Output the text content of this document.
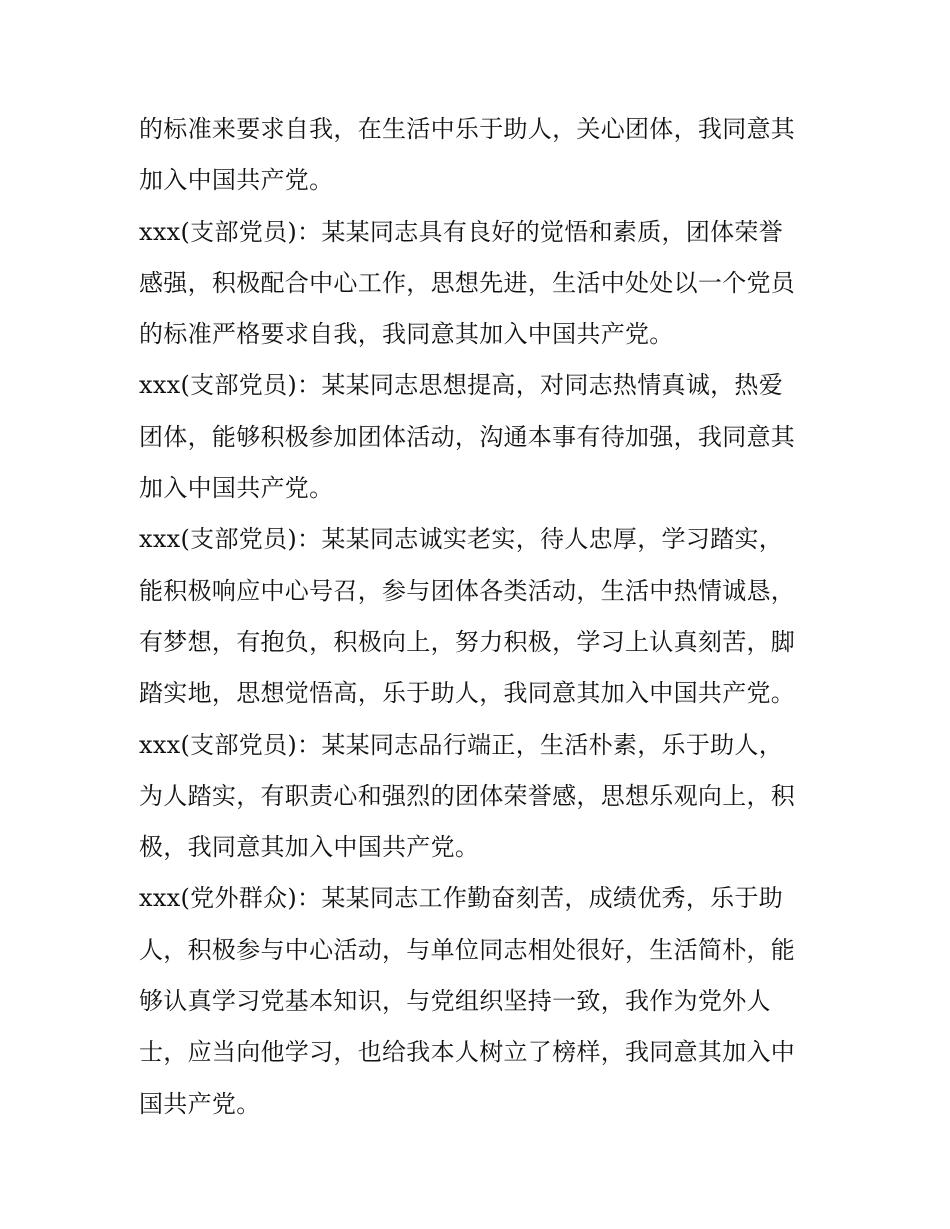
的标准来要求自我，在生活中乐于助人，关心团体，我同意其
加入中国共产党。
xxx(支部党员)：某某同志具有良好的觉悟和素质，团体荣誉
感强，积极配合中心工作，思想先进，生活中处处以一个党员
的标准严格要求自我，我同意其加入中国共产党。
xxx(支部党员)：某某同志思想提高，对同志热情真诚，热爱
团体，能够积极参加团体活动，沟通本事有待加强，我同意其
加入中国共产党。
xxx(支部党员)：某某同志诚实老实，待人忠厚，学习踏实，
能积极响应中心号召，参与团体各类活动，生活中热情诚恳，
有梦想，有抱负，积极向上，努力积极，学习上认真刻苦，脚
踏实地，思想觉悟高，乐于助人，我同意其加入中国共产党。
xxx(支部党员)：某某同志品行端正，生活朴素，乐于助人，
为人踏实，有职责心和强烈的团体荣誉感，思想乐观向上，积
极，我同意其加入中国共产党。
xxx(党外群众)：某某同志工作勤奋刻苦，成绩优秀，乐于助
人，积极参与中心活动，与单位同志相处很好，生活简朴，能
够认真学习党基本知识，与党组织坚持一致，我作为党外人
士，应当向他学习，也给我本人树立了榜样，我同意其加入中
国共产党。
